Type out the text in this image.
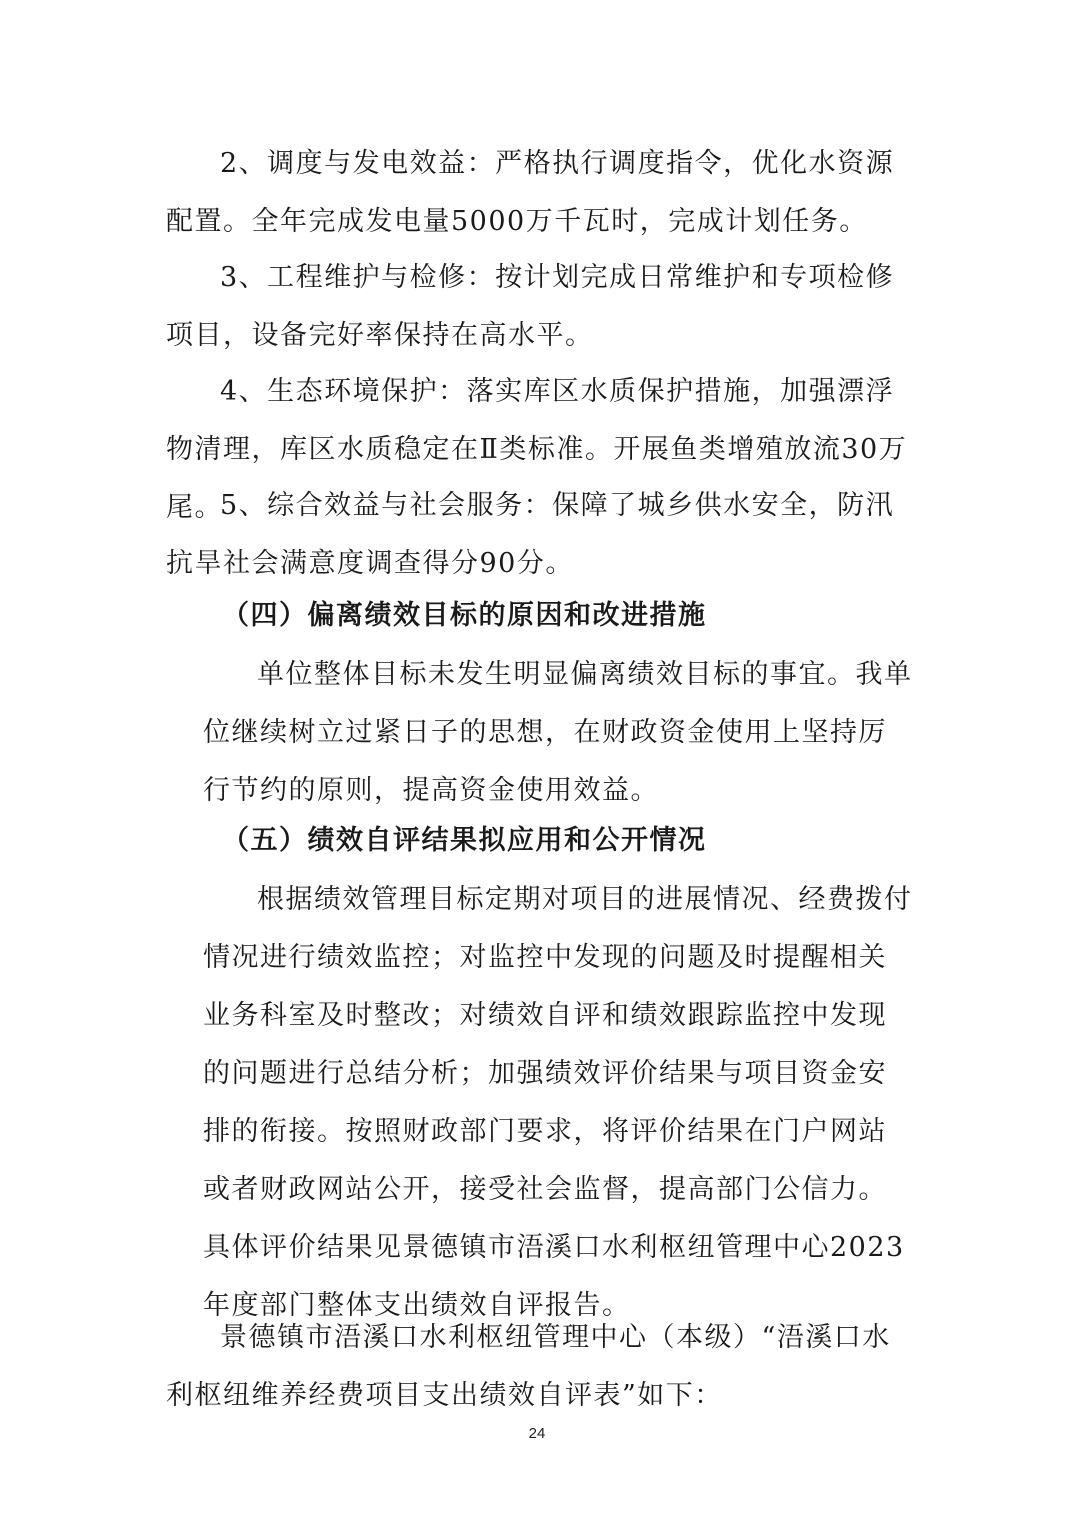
2、调度与发电效益：严格执行调度指令，优化水资源配置。全年完成发电量5000万千瓦时，完成计划任务。

3、工程维护与检修：按计划完成日常维护和专项检修项目，设备完好率保持在高水平。

4、生态环境保护：落实库区水质保护措施，加强漂浮物清理，库区水质稳定在Ⅱ类标准。开展鱼类增殖放流30万尾。

5、综合效益与社会服务：保障了城乡供水安全，防汛抗旱社会满意度调查得分90分。

（四）偏离绩效目标的原因和改进措施

单位整体目标未发生明显偏离绩效目标的事宜。我单位继续树立过紧日子的思想，在财政资金使用上坚持厉行节约的原则，提高资金使用效益。

（五）绩效自评结果拟应用和公开情况

根据绩效管理目标定期对项目的进展情况、经费拨付情况进行绩效监控；对监控中发现的问题及时提醒相关业务科室及时整改；对绩效自评和绩效跟踪监控中发现的问题进行总结分析；加强绩效评价结果与项目资金安排的衔接。按照财政部门要求，将评价结果在门户网站或者财政网站公开，接受社会监督，提高部门公信力。具体评价结果见景德镇市浯溪口水利枢纽管理中心2023年度部门整体支出绩效自评报告。

景德镇市浯溪口水利枢纽管理中心（本级）“浯溪口水利枢纽维养经费项目支出绩效自评表”如下：

24
